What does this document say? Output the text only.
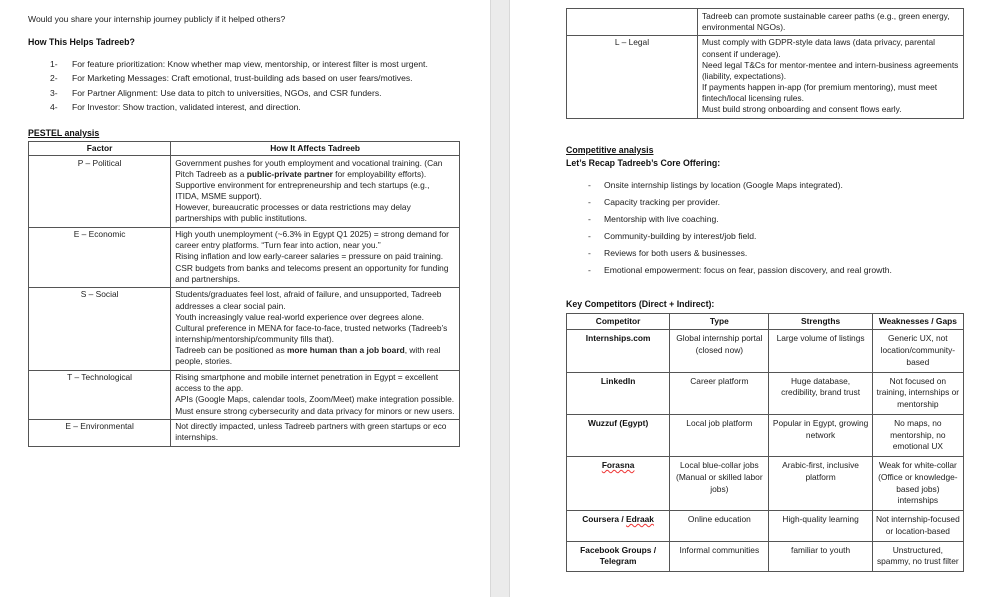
Would you share your internship journey publicly if it helped others?

How This Helps Tadreeb?
1- For feature prioritization: Know whether map view, mentorship, or interest filter is most urgent.
2- For Marketing Messages: Craft emotional, trust-building ads based on user fears/motives.
3- For Partner Alignment: Use data to pitch to universities, NGOs, and CSR funders.
4- For Investor: Show traction, validated interest, and direction.
PESTEL analysis
Factor	How It Affects Tadreeb
P – Political	Government pushes for youth employment and vocational training. (Can Pitch Tadreeb as a public-private partner for employability efforts).
Supportive environment for entrepreneurship and tech startups (e.g., ITIDA, MSME support).
However, bureaucratic processes or data restrictions may delay partnerships with public institutions.

E – Economic	High youth unemployment (~6.3% in Egypt Q1 2025) = strong demand for career entry platforms. “Turn fear into action, near you.”
Rising inflation and low early-career salaries = pressure on paid training.
CSR budgets from banks and telecoms present an opportunity for funding and partnerships.

S – Social	Students/graduates feel lost, afraid of failure, and unsupported, Tadreeb addresses a clear social pain.
Youth increasingly value real-world experience over degrees alone.
Cultural preference in MENA for face-to-face, trusted networks (Tadreeb’s internship/mentorship/community fills that).
Tadreeb can be positioned as more human than a job board, with real people, stories.

T – Technological	Rising smartphone and mobile internet penetration in Egypt = excellent access to the app.
APIs (Google Maps, calendar tools, Zoom/Meet) make integration possible.
Must ensure strong cybersecurity and data privacy for minors or new users.

E – Environmental	Not directly impacted, unless Tadreeb partners with green startups or eco internships.

	Tadreeb can promote sustainable career paths (e.g., green energy, environmental NGOs).

L – Legal	Must comply with GDPR-style data laws (data privacy, parental consent if underage).
Need legal T&Cs for mentor-mentee and intern-business agreements (liability, expectations).
If payments happen in-app (for premium mentoring), must meet fintech/local licensing rules.
Must build strong onboarding and consent flows early.
Competitive analysis
Let’s Recap Tadreeb’s Core Offering:
- Onsite internship listings by location (Google Maps integrated).
- Capacity tracking per provider.
- Mentorship with live coaching.
- Community-building by interest/job field.
- Reviews for both users & businesses.
- Emotional empowerment: focus on fear, passion discovery, and real growth.
Key Competitors (Direct + Indirect):
Competitor	Type	Strengths	Weaknesses / Gaps
Internships.com	Global internship portal (closed now)	Large volume of listings	Generic UX, not location/community-based
LinkedIn	Career platform	Huge database, credibility, brand trust	Not focused on training, internships or mentorship
Wuzzuf (Egypt)	Local job platform	Popular in Egypt, growing network	No maps, no mentorship, no emotional UX
Forasna	Local blue-collar jobs (Manual or skilled labor jobs)	Arabic-first, inclusive platform	Weak for white-collar (Office or knowledge-based jobs) internships
Coursera / Edraak	Online education	High-quality learning	Not internship-focused or location-based
Facebook Groups / Telegram	Informal communities	familiar to youth	Unstructured, spammy, no trust filter
